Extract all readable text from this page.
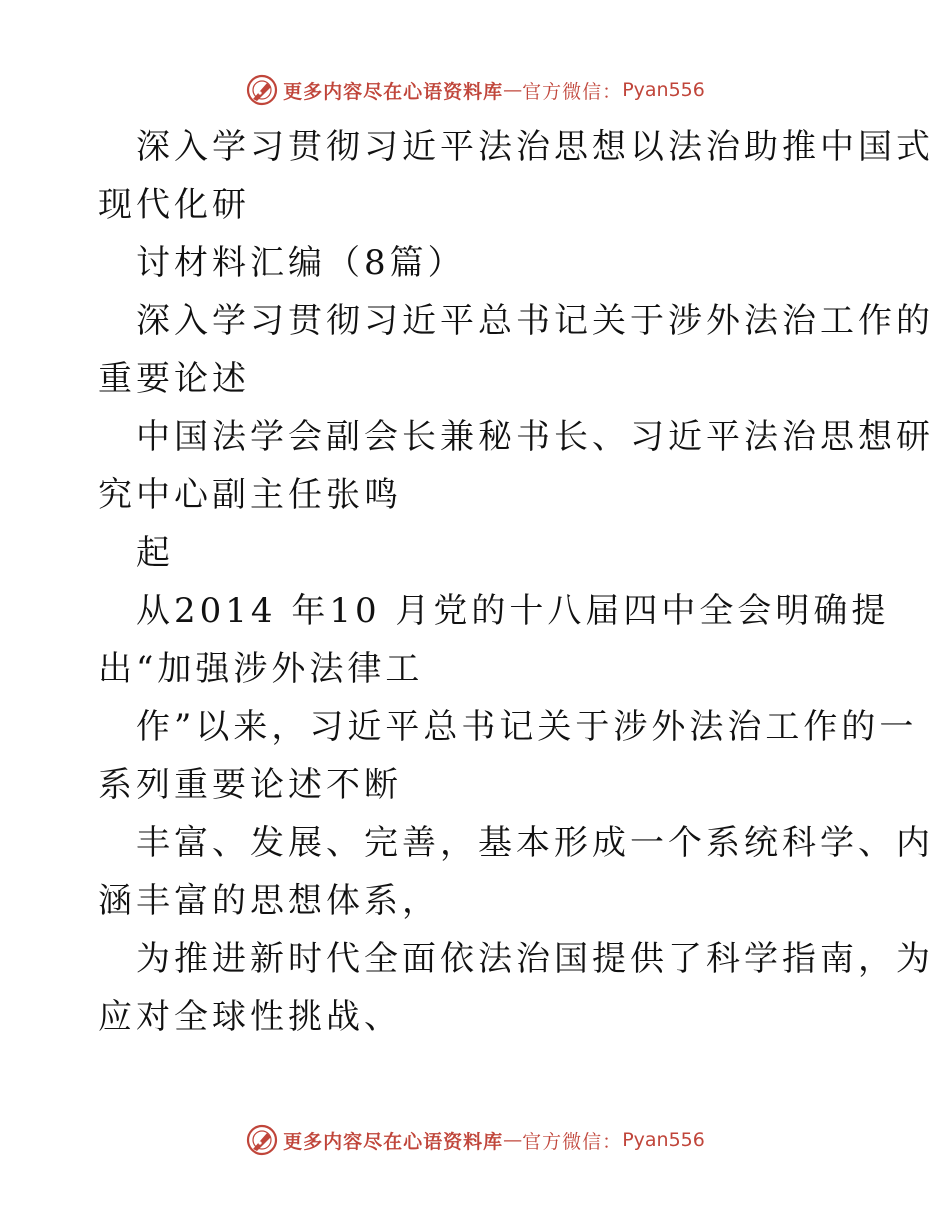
更多内容尽在心语资料库 — 官方微信： Pyan556
深入学习贯彻习近平法治思想以法治助推中国式
现代化研
讨材料汇编（8篇）
深入学习贯彻习近平总书记关于涉外法治工作的
重要论述
中国法学会副会长兼秘书长、习近平法治思想研
究中心副主任张鸣
起
从2014 年10 月党的十八届四中全会明确提
出“加强涉外法律工
作”以来，习近平总书记关于涉外法治工作的一
系列重要论述不断
丰富、发展、完善，基本形成一个系统科学、内
涵丰富的思想体系，
为推进新时代全面依法治国提供了科学指南，为
应对全球性挑战、
更多内容尽在心语资料库 — 官方微信： Pyan556
